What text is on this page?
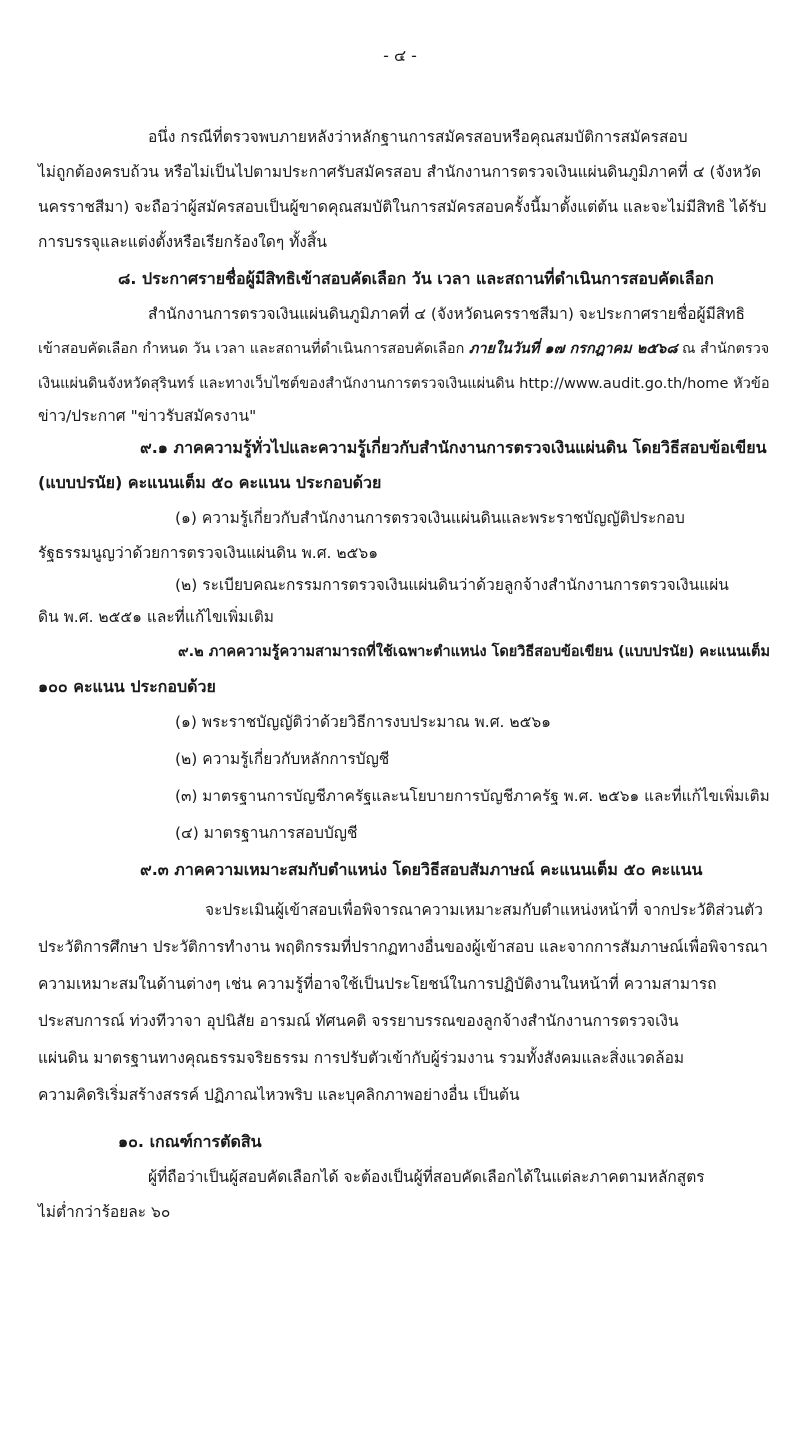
- ๔ -
อนึ่ง กรณีที่ตรวจพบภายหลังว่าหลักฐานการสมัครสอบหรือคุณสมบัติการสมัครสอบ
ไม่ถูกต้องครบถ้วน หรือไม่เป็นไปตามประกาศรับสมัครสอบ สำนักงานการตรวจเงินแผ่นดินภูมิภาคที่ ๔ (จังหวัด
นครราชสีมา) จะถือว่าผู้สมัครสอบเป็นผู้ขาดคุณสมบัติในการสมัครสอบครั้งนี้มาตั้งแต่ต้น และจะไม่มีสิทธิ ได้รับ
การบรรจุและแต่งตั้งหรือเรียกร้องใดๆ ทั้งสิ้น
๘. ประกาศรายชื่อผู้มีสิทธิเข้าสอบคัดเลือก วัน เวลา และสถานที่ดำเนินการสอบคัดเลือก
สำนักงานการตรวจเงินแผ่นดินภูมิภาคที่ ๔ (จังหวัดนครราชสีมา) จะประกาศรายชื่อผู้มีสิทธิ
เข้าสอบคัดเลือก กำหนด วัน เวลา และสถานที่ดำเนินการสอบคัดเลือก ภายในวันที่ ๑๗ กรกฎาคม ๒๕๖๘ ณ สำนักตรวจ
เงินแผ่นดินจังหวัดสุรินทร์ และทางเว็บไซต์ของสำนักงานการตรวจเงินแผ่นดิน http://www.audit.go.th/home หัวข้อ
ข่าว/ประกาศ "ข่าวรับสมัครงาน"
๙.๑ ภาคความรู้ทั่วไปและความรู้เกี่ยวกับสำนักงานการตรวจเงินแผ่นดิน โดยวิธีสอบข้อเขียน
(แบบปรนัย) คะแนนเต็ม ๕๐ คะแนน ประกอบด้วย
(๑) ความรู้เกี่ยวกับสำนักงานการตรวจเงินแผ่นดินและพระราชบัญญัติประกอบ
รัฐธรรมนูญว่าด้วยการตรวจเงินแผ่นดิน พ.ศ. ๒๕๖๑
(๒) ระเบียบคณะกรรมการตรวจเงินแผ่นดินว่าด้วยลูกจ้างสำนักงานการตรวจเงินแผ่น
ดิน พ.ศ. ๒๕๕๑ และที่แก้ไขเพิ่มเติม
๙.๒ ภาคความรู้ความสามารถที่ใช้เฉพาะตำแหน่ง โดยวิธีสอบข้อเขียน (แบบปรนัย) คะแนนเต็ม
๑๐๐ คะแนน ประกอบด้วย
(๑) พระราชบัญญัติว่าด้วยวิธีการงบประมาณ พ.ศ. ๒๕๖๑
(๒) ความรู้เกี่ยวกับหลักการบัญชี
(๓) มาตรฐานการบัญชีภาครัฐและนโยบายการบัญชีภาครัฐ พ.ศ. ๒๕๖๑ และที่แก้ไขเพิ่มเติม
(๔) มาตรฐานการสอบบัญชี
๙.๓ ภาคความเหมาะสมกับตำแหน่ง โดยวิธีสอบสัมภาษณ์ คะแนนเต็ม ๕๐ คะแนน
จะประเมินผู้เข้าสอบเพื่อพิจารณาความเหมาะสมกับตำแหน่งหน้าที่ จากประวัติส่วนตัว
ประวัติการศึกษา ประวัติการทำงาน พฤติกรรมที่ปรากฏทางอื่นของผู้เข้าสอบ และจากการสัมภาษณ์เพื่อพิจารณา
ความเหมาะสมในด้านต่างๆ เช่น ความรู้ที่อาจใช้เป็นประโยชน์ในการปฏิบัติงานในหน้าที่ ความสามารถ
ประสบการณ์ ท่วงทีวาจา อุปนิสัย อารมณ์ ทัศนคติ จรรยาบรรณของลูกจ้างสำนักงานการตรวจเงิน
แผ่นดิน มาตรฐานทางคุณธรรมจริยธรรม การปรับตัวเข้ากับผู้ร่วมงาน รวมทั้งสังคมและสิ่งแวดล้อม
ความคิดริเริ่มสร้างสรรค์ ปฏิภาณไหวพริบ และบุคลิกภาพอย่างอื่น เป็นต้น
๑๐. เกณฑ์การตัดสิน
ผู้ที่ถือว่าเป็นผู้สอบคัดเลือกได้ จะต้องเป็นผู้ที่สอบคัดเลือกได้ในแต่ละภาคตามหลักสูตร
ไม่ต่ำกว่าร้อยละ ๖๐
